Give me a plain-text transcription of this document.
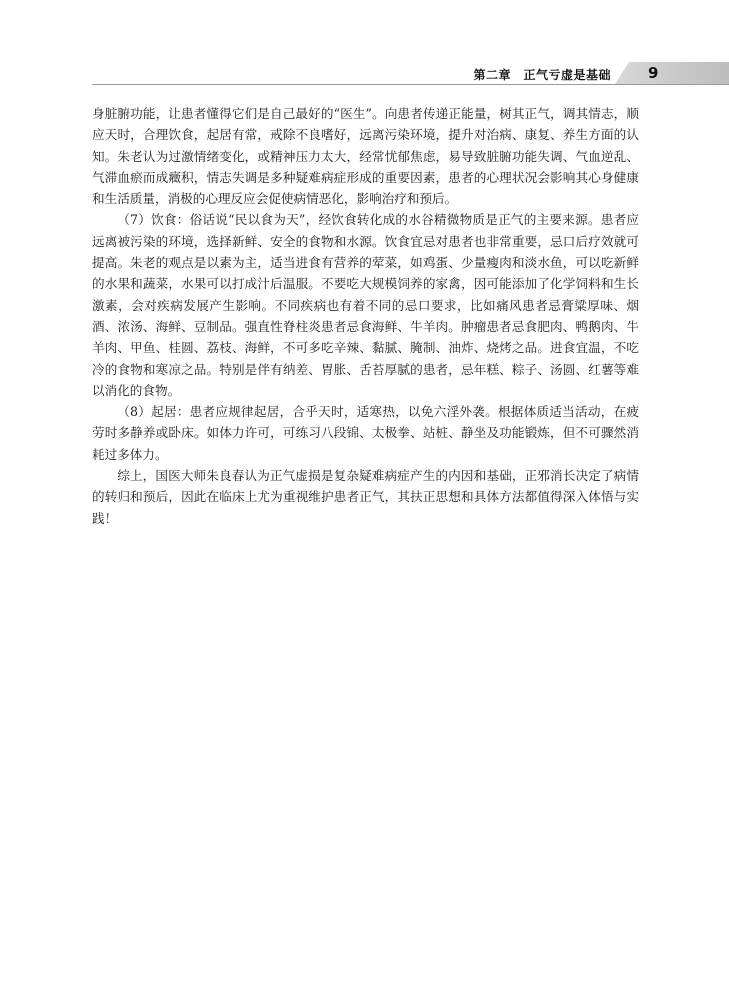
第二章　正气亏虚是基础 9

身脏腑功能，让患者懂得它们是自己最好的“医生”。向患者传递正能量，树其正气，调其情志，顺应天时，合理饮食，起居有常，戒除不良嗜好，远离污染环境，提升对治病、康复、养生方面的认知。朱老认为过激情绪变化，或精神压力太大，经常忧郁焦虑，易导致脏腑功能失调、气血逆乱、气滞血瘀而成癥积，情志失调是多种疑难病症形成的重要因素，患者的心理状况会影响其心身健康和生活质量，消极的心理反应会促使病情恶化，影响治疗和预后。

（7）饮食：俗话说“民以食为天”，经饮食转化成的水谷精微物质是正气的主要来源。患者应远离被污染的环境，选择新鲜、安全的食物和水源。饮食宜忌对患者也非常重要，忌口后疗效就可提高。朱老的观点是以素为主，适当进食有营养的荤菜，如鸡蛋、少量瘦肉和淡水鱼，可以吃新鲜的水果和蔬菜，水果可以打成汁后温服。不要吃大规模饲养的家禽，因可能添加了化学饲料和生长激素，会对疾病发展产生影响。不同疾病也有着不同的忌口要求，比如痛风患者忌膏粱厚味、烟酒、浓汤、海鲜、豆制品。强直性脊柱炎患者忌食海鲜、牛羊肉。肿瘤患者忌食肥肉、鸭鹅肉、牛羊肉、甲鱼、桂圆、荔枝、海鲜，不可多吃辛辣、黏腻、腌制、油炸、烧烤之品。进食宜温，不吃冷的食物和寒凉之品。特别是伴有纳差、胃胀、舌苔厚腻的患者，忌年糕、粽子、汤圆、红薯等难以消化的食物。

（8）起居：患者应规律起居，合乎天时，适寒热，以免六淫外袭。根据体质适当活动，在疲劳时多静养或卧床。如体力许可，可练习八段锦、太极拳、站桩、静坐及功能锻炼，但不可骤然消耗过多体力。

综上，国医大师朱良春认为正气虚损是复杂疑难病症产生的内因和基础，正邪消长决定了病情的转归和预后，因此在临床上尤为重视维护患者正气，其扶正思想和具体方法都值得深入体悟与实践！
